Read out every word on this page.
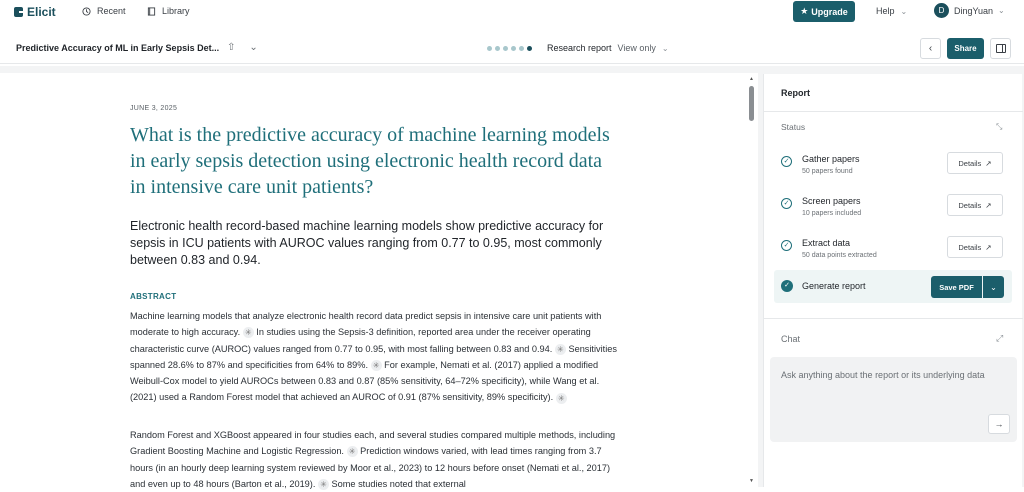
Elicit	Recent	Library	★ Upgrade	Help ⌄	D	DingYuan ⌄
Predictive Accuracy of ML in Early Sepsis Det... ⇧ ⌄	Research report View only ⌄	‹	Share
JUNE 3, 2025
What is the predictive accuracy of machine learning models in early sepsis detection using electronic health record data in intensive care unit patients?
Electronic health record-based machine learning models show predictive accuracy for sepsis in ICU patients with AUROC values ranging from 0.77 to 0.95, most commonly between 0.83 and 0.94.
ABSTRACT
Machine learning models that analyze electronic health record data predict sepsis in intensive care unit patients with moderate to high accuracy. ✳ In studies using the Sepsis-3 definition, reported area under the receiver operating characteristic curve (AUROC) values ranged from 0.77 to 0.95, with most falling between 0.83 and 0.94. ✳ Sensitivities spanned 28.6% to 87% and specificities from 64% to 89%. ✳ For example, Nemati et al. (2017) applied a modified Weibull-Cox model to yield AUROCs between 0.83 and 0.87 (85% sensitivity, 64–72% specificity), while Wang et al. (2021) used a Random Forest model that achieved an AUROC of 0.91 (87% sensitivity, 89% specificity). ✳
Random Forest and XGBoost appeared in four studies each, and several studies compared multiple methods, including Gradient Boosting Machine and Logistic Regression. ✳ Prediction windows varied, with lead times ranging from 3.7 hours (in an hourly deep learning system reviewed by Moor et al., 2023) to 12 hours before onset (Nemati et al., 2017) and even up to 48 hours (Barton et al., 2019). ✳ Some studies noted that external
▲
▼
Report
Status	⤡
✓ Gather papers
50 papers found
Details ↗
✓ Screen papers
10 papers included
Details ↗
✓ Extract data
50 data points extracted
Details ↗
✓	Generate report	Save PDF	⌄
Chat	⤢
Ask anything about the report or its underlying data
→
